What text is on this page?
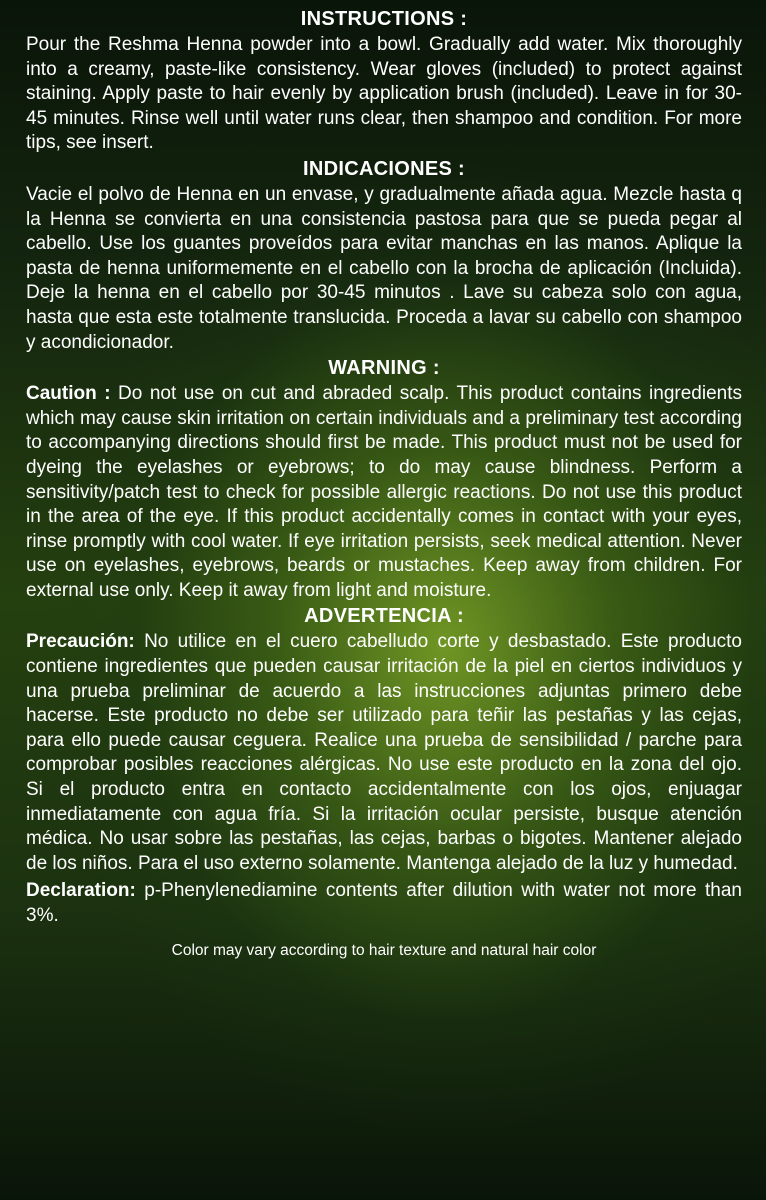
INSTRUCTIONS :

Pour the Reshma Henna powder into a bowl. Gradually add water. Mix thoroughly into a creamy, paste-like consistency. Wear gloves (included) to protect against staining. Apply paste to hair evenly by application brush (included). Leave in for 30-45 minutes. Rinse well until water runs clear, then shampoo and condition. For more tips, see insert.

INDICACIONES :

Vacie el polvo de Henna en un envase, y gradualmente añada agua. Mezcle hasta q la Henna se convierta en una consistencia pastosa para que se pueda pegar al cabello. Use los guantes proveídos para evitar manchas en las manos. Aplique la pasta de henna uniformemente en el cabello con la brocha de aplicación (Incluida). Deje la henna en el cabello por 30-45 minutos . Lave su cabeza solo con agua, hasta que esta este totalmente translucida. Proceda a lavar su cabello con shampoo y acondicionador.

WARNING :

Caution : Do not use on cut and abraded scalp. This product contains ingredients which may cause skin irritation on certain individuals and a preliminary test according to accompanying directions should first be made. This product must not be used for dyeing the eyelashes or eyebrows; to do may cause blindness. Perform a sensitivity/patch test to check for possible allergic reactions. Do not use this product in the area of the eye. If this product accidentally comes in contact with your eyes, rinse promptly with cool water. If eye irritation persists, seek medical attention. Never use on eyelashes, eyebrows, beards or mustaches. Keep away from children. For external use only. Keep it away from light and moisture.

ADVERTENCIA :

Precaución: No utilice en el cuero cabelludo corte y desbastado. Este producto contiene ingredientes que pueden causar irritación de la piel en ciertos individuos y una prueba preliminar de acuerdo a las instrucciones adjuntas primero debe hacerse. Este producto no debe ser utilizado para teñir las pestañas y las cejas, para ello puede causar ceguera. Realice una prueba de sensibilidad / parche para comprobar posibles reacciones alérgicas. No use este producto en la zona del ojo. Si el producto entra en contacto accidentalmente con los ojos, enjuagar inmediatamente con agua fría. Si la irritación ocular persiste, busque atención médica. No usar sobre las pestañas, las cejas, barbas o bigotes. Mantener alejado de los niños. Para el uso externo solamente. Mantenga alejado de la luz y humedad.

Declaration: p-Phenylenediamine contents after dilution with water not more than 3%.

Color may vary according to hair texture and natural hair color
